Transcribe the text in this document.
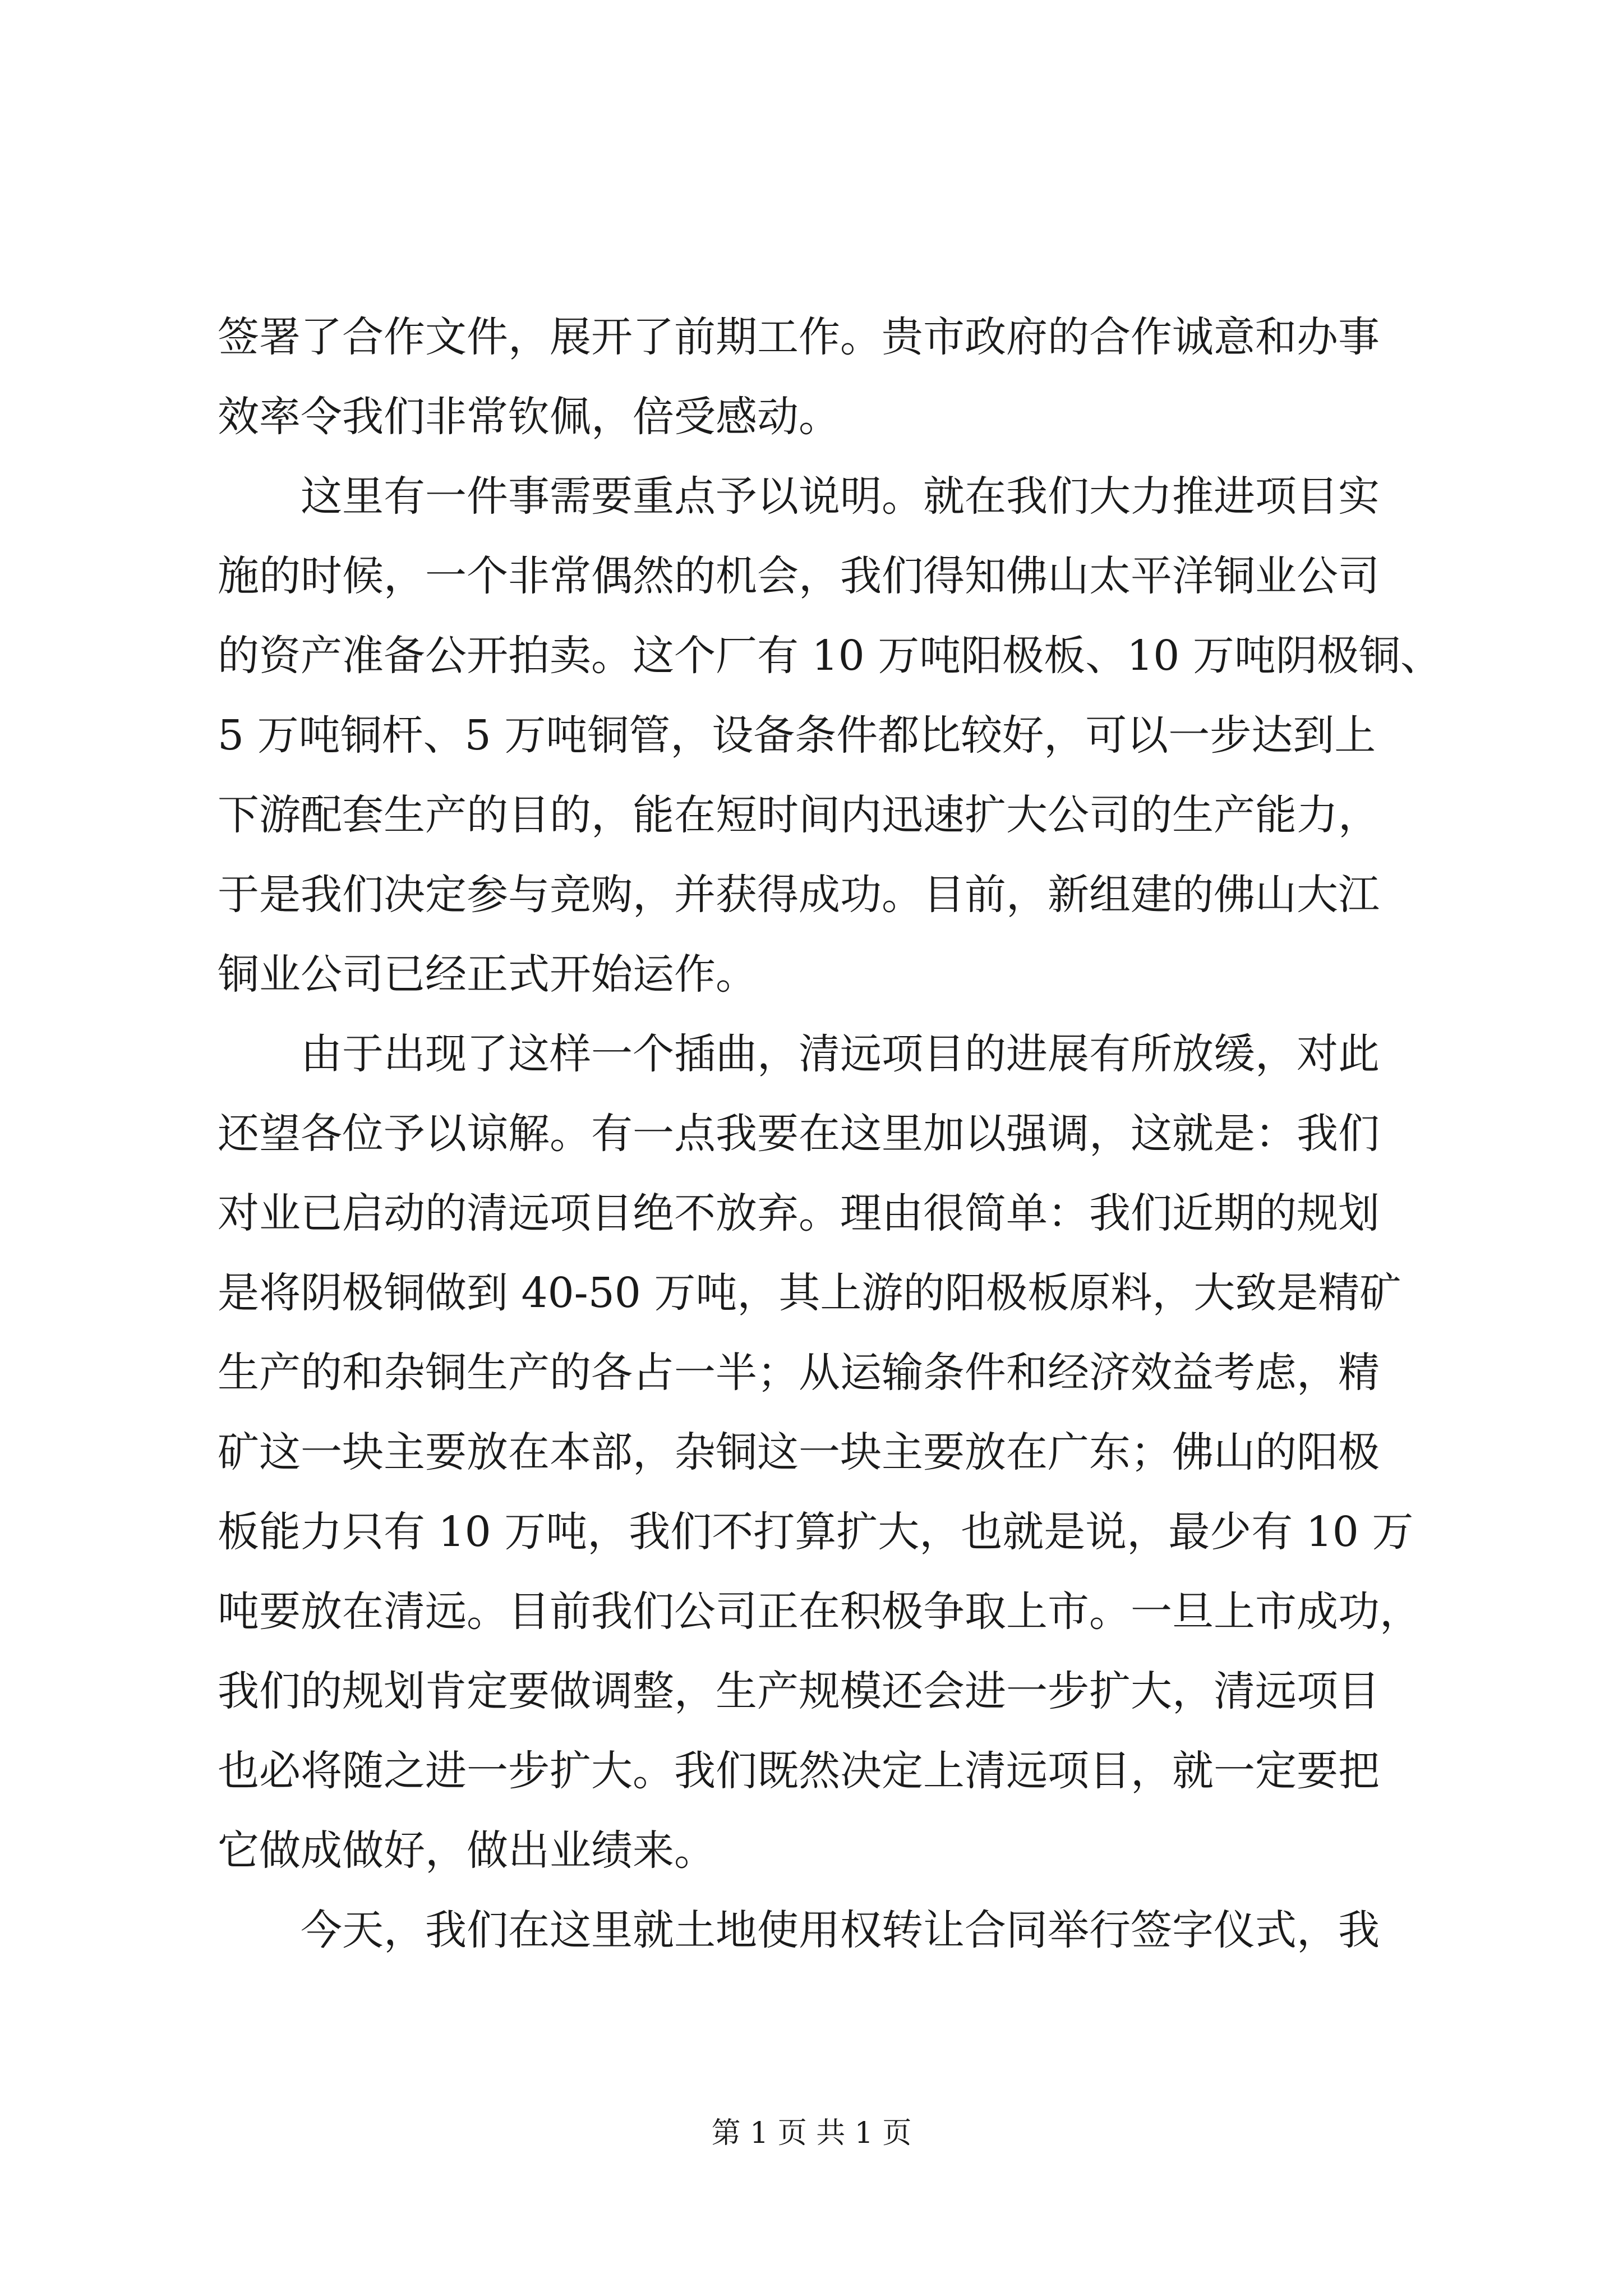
签署了合作文件，展开了前期工作。贵市政府的合作诚意和办事
效率令我们非常钦佩，倍受感动。
这里有一件事需要重点予以说明。就在我们大力推进项目实
施的时候，一个非常偶然的机会，我们得知佛山太平洋铜业公司
的资产准备公开拍卖。这个厂有 10 万吨阳极板、10 万吨阴极铜、
5 万吨铜杆、5 万吨铜管，设备条件都比较好，可以一步达到上
下游配套生产的目的，能在短时间内迅速扩大公司的生产能力，
于是我们决定参与竞购，并获得成功。目前，新组建的佛山大江
铜业公司已经正式开始运作。
由于出现了这样一个插曲，清远项目的进展有所放缓，对此
还望各位予以谅解。有一点我要在这里加以强调，这就是：我们
对业已启动的清远项目绝不放弃。理由很简单：我们近期的规划
是将阴极铜做到 40-50 万吨，其上游的阳极板原料，大致是精矿
生产的和杂铜生产的各占一半；从运输条件和经济效益考虑，精
矿这一块主要放在本部，杂铜这一块主要放在广东；佛山的阳极
板能力只有 10 万吨，我们不打算扩大，也就是说，最少有 10 万
吨要放在清远。目前我们公司正在积极争取上市。一旦上市成功，
我们的规划肯定要做调整，生产规模还会进一步扩大，清远项目
也必将随之进一步扩大。我们既然决定上清远项目，就一定要把
它做成做好，做出业绩来。
今天，我们在这里就土地使用权转让合同举行签字仪式，我
第 1 页 共 1 页
